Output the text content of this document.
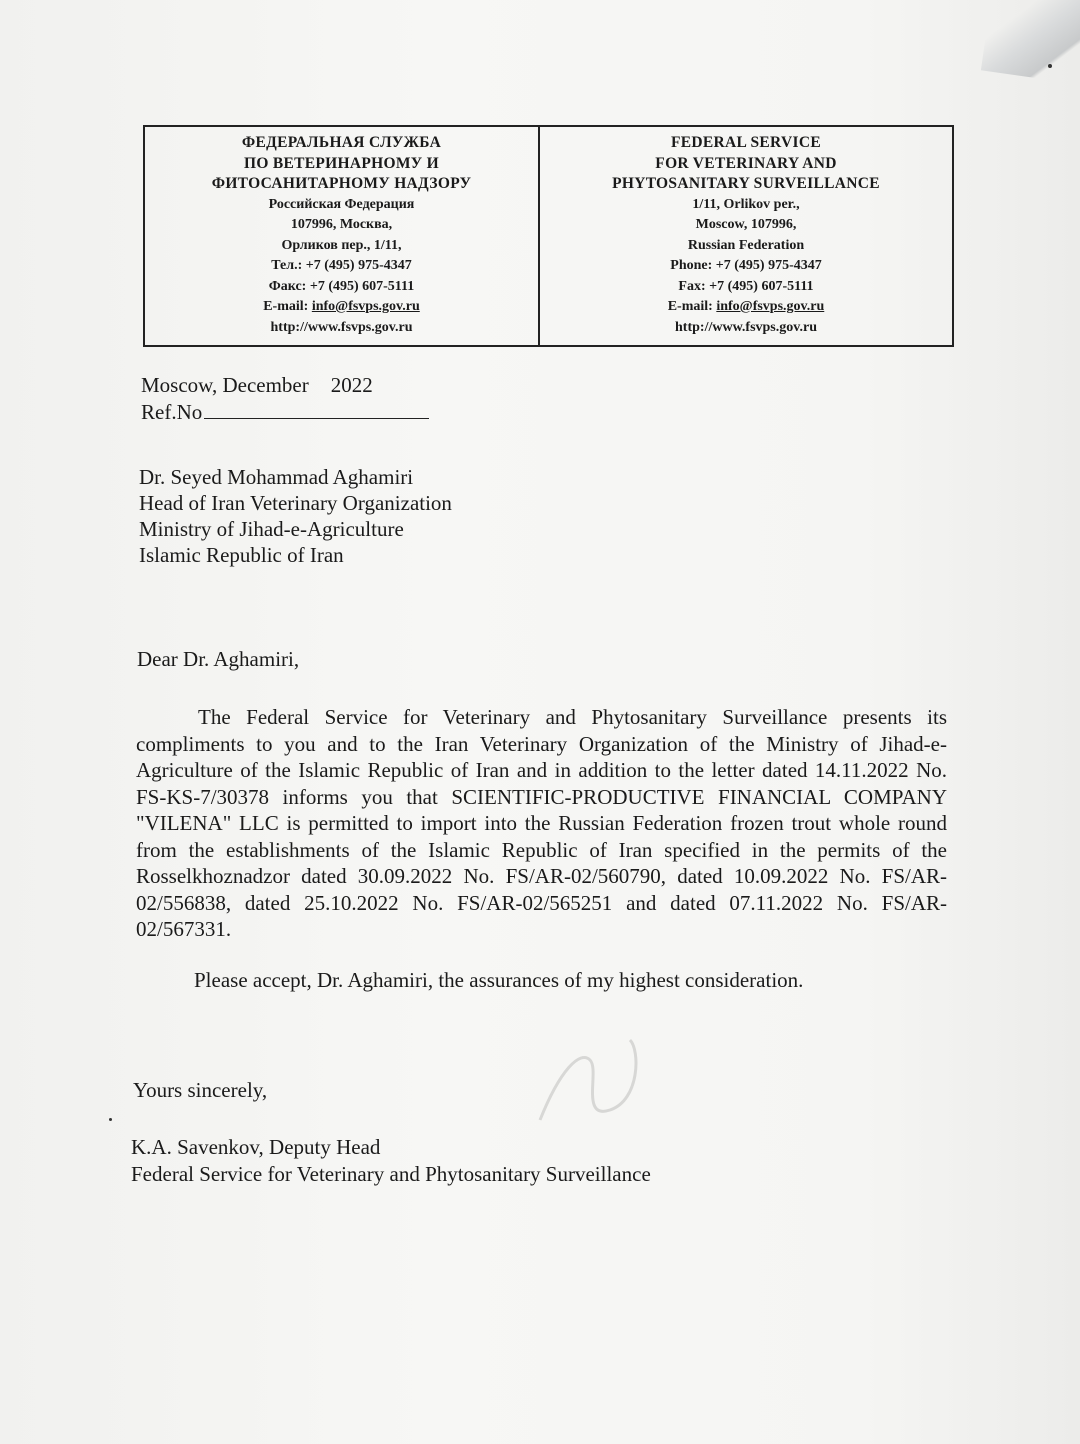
ФЕДЕРАЛЬНАЯ СЛУЖБА
ПО ВЕТЕРИНАРНОМУ И
ФИТОСАНИТАРНОМУ НАДЗОРУ
Российская Федерация
107996, Москва,
Орликов пер., 1/11,
Тел.: +7 (495) 975-4347
Факс: +7 (495) 607-5111
E-mail: info@fsvps.gov.ru
http://www.fsvps.gov.ru
FEDERAL SERVICE
FOR VETERINARY AND
PHYTOSANITARY SURVEILLANCE
1/11, Orlikov per.,
Moscow, 107996,
Russian Federation
Phone: +7 (495) 975-4347
Fax: +7 (495) 607-5111
E-mail: info@fsvps.gov.ru
http://www.fsvps.gov.ru
Moscow, December 2022
Ref.No
Dr. Seyed Mohammad Aghamiri
Head of Iran Veterinary Organization
Ministry of Jihad-e-Agriculture
Islamic Republic of Iran
Dear Dr. Aghamiri,

The Federal Service for Veterinary and Phytosanitary Surveillance presents its compliments to you and to the Iran Veterinary Organization of the Ministry of Jihad-e-Agriculture of the Islamic Republic of Iran and in addition to the letter dated 14.11.2022 No. FS-KS-7/30378 informs you that SCIENTIFIC-PRODUCTIVE FINANCIAL COMPANY "VILENA" LLC is permitted to import into the Russian Federation frozen trout whole round from the establishments of the Islamic Republic of Iran specified in the permits of the Rosselkhoznadzor dated 30.09.2022 No. FS/AR-02/560790, dated 10.09.2022 No. FS/AR-02/556838, dated 25.10.2022 No. FS/AR-02/565251 and dated 07.11.2022 No. FS/AR-02/567331.

Please accept, Dr. Aghamiri, the assurances of my highest consideration.
Yours sincerely,
K.A. Savenkov, Deputy Head
Federal Service for Veterinary and Phytosanitary Surveillance
